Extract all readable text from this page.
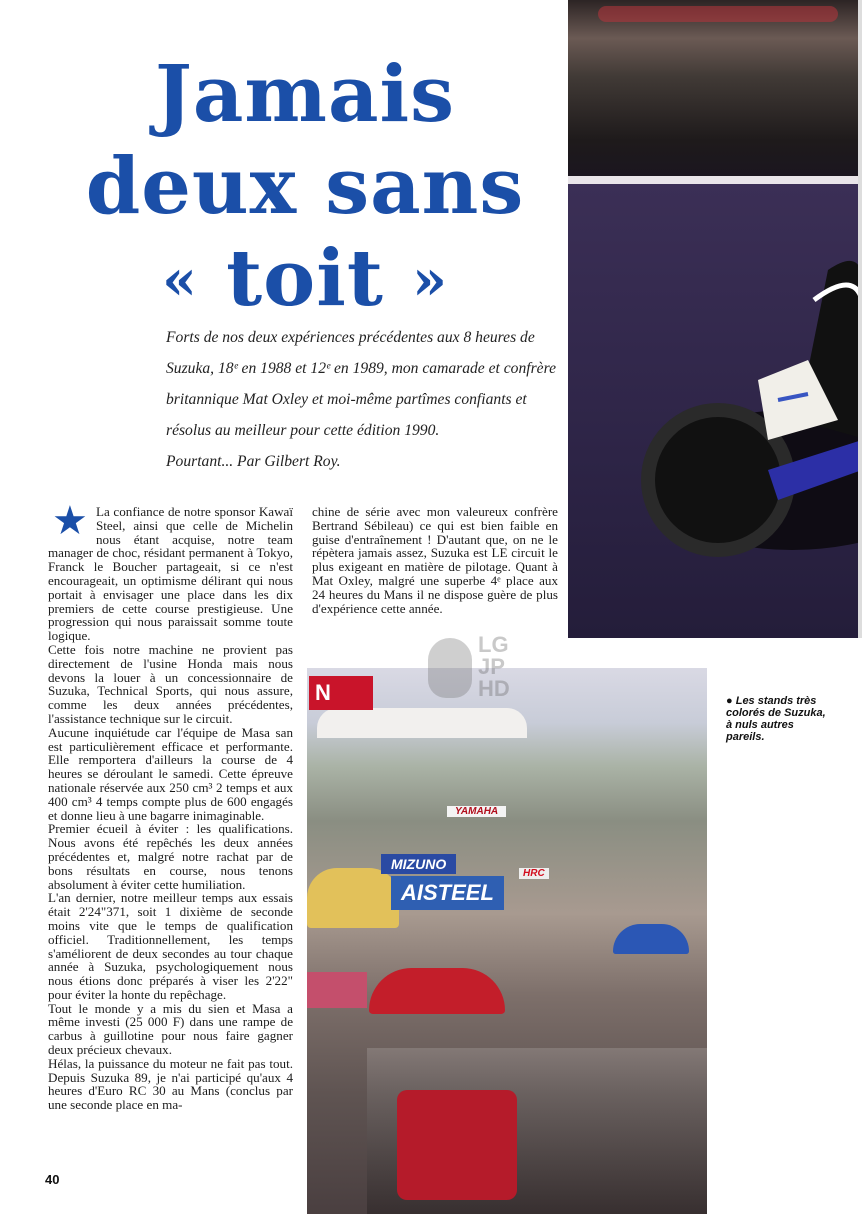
Jamais
deux sans
« toit »

Forts de nos deux expériences précédentes aux 8 heures de Suzuka, 18ᵉ en 1988 et 12ᵉ en 1989, mon camarade et confrère britannique Mat Oxley et moi-même partîmes confiants et résolus au meilleur pour cette édition 1990.

Pourtant... Par Gilbert Roy.

★ La confiance de notre sponsor Kawaï Steel, ainsi que celle de Michelin nous étant acquise, notre team manager de choc, résidant permanent à Tokyo, Franck le Boucher partageait, si ce n'est encourageait, un optimisme délirant qui nous portait à envisager une place dans les dix premiers de cette course prestigieuse. Une progression qui nous paraissait somme toute logique.

Cette fois notre machine ne provient pas directement de l'usine Honda mais nous devons la louer à un concessionnaire de Suzuka, Technical Sports, qui nous assure, comme les deux années précédentes, l'assistance technique sur le circuit.

Aucune inquiétude car l'équipe de Masa san est particulièrement efficace et performante. Elle remportera d'ailleurs la course de 4 heures se déroulant le samedi. Cette épreuve nationale réservée aux 250 cm³ 2 temps et aux 400 cm³ 4 temps compte plus de 600 engagés et donne lieu à une bagarre inimaginable.

Premier écueil à éviter : les qualifications. Nous avons été repêchés les deux années précédentes et, malgré notre rachat par de bons résultats en course, nous tenons absolument à éviter cette humiliation.

L'an dernier, notre meilleur temps aux essais était 2'24"371, soit 1 dixième de seconde moins vite que le temps de qualification officiel. Traditionnellement, les temps s'améliorent de deux secondes au tour chaque année à Suzuka, psychologiquement nous nous étions donc préparés à viser les 2'22" pour éviter la honte du repêchage.

Tout le monde y a mis du sien et Masa a même investi (25 000 F) dans une rampe de carbus à guillotine pour nous faire gagner deux précieux chevaux.

Hélas, la puissance du moteur ne fait pas tout. Depuis Suzuka 89, je n'ai participé qu'aux 4 heures d'Euro RC 30 au Mans (conclus par une seconde place en ma-

chine de série avec mon valeureux confrère Bertrand Sébileau) ce qui est bien faible en guise d'entraînement ! D'autant que, on ne le répètera jamais assez, Suzuka est LE circuit le plus exigeant en matière de pilotage. Quant à Mat Oxley, malgré une superbe 4ᵉ place aux 24 heures du Mans il ne dispose guère de plus d'expérience cette année.

N
YAMAHA
MIZUNO
AISTEEL
HRC
LG
JP
HD	● Les stands très colorés de Suzuka, à nuls autres pareils.
40
